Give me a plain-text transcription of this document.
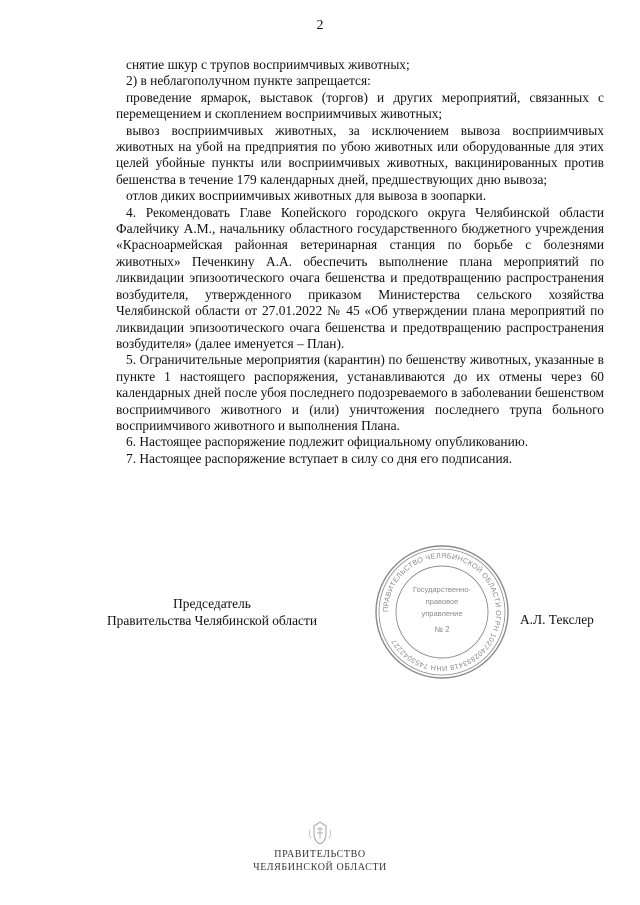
2

снятие шкур с трупов восприимчивых животных;

2) в неблагополучном пункте запрещается:

проведение ярмарок, выставок (торгов) и других мероприятий, связанных с перемещением и скоплением восприимчивых животных;

вывоз восприимчивых животных, за исключением вывоза восприимчивых животных на убой на предприятия по убою животных или оборудованные для этих целей убойные пункты или восприимчивых животных, вакцинированных против бешенства в течение 179 календарных дней, предшествующих дню вывоза;

отлов диких восприимчивых животных для вывоза в зоопарки.

4. Рекомендовать Главе Копейского городского округа Челябинской области Фалейчику А.М., начальнику областного государственного бюджетного учреждения «Красноармейская районная ветеринарная станция по борьбе с болезнями животных» Печенкину А.А. обеспечить выполнение плана мероприятий по ликвидации эпизоотического очага бешенства и предотвращению распространения возбудителя, утвержденного приказом Министерства сельского хозяйства Челябинской области от 27.01.2022 № 45 «Об утверждении плана мероприятий по ликвидации эпизоотического очага бешенства и предотвращению распространения возбудителя» (далее именуется – План).

5. Ограничительные мероприятия (карантин) по бешенству животных, указанные в пункте 1 настоящего распоряжения, устанавливаются до их отмены через 60 календарных дней после убоя последнего подозреваемого в заболевании бешенством восприимчивого животного и (или) уничтожения последнего трупа больного восприимчивого животного и выполнения Плана.

6. Настоящее распоряжение подлежит официальному опубликованию.

7. Настоящее распоряжение вступает в силу со дня его подписания.

ПРАВИТЕЛЬСТВО ЧЕЛЯБИНСКОЙ ОБЛАСТИ ОГРН 1027402893418 ИНН 7453042227
Государственно-
правовое
управление
№ 2
Председатель
Правительства Челябинской области	А.Л. Текслер
ПРАВИТЕЛЬСТВО
ЧЕЛЯБИНСКОЙ ОБЛАСТИ
